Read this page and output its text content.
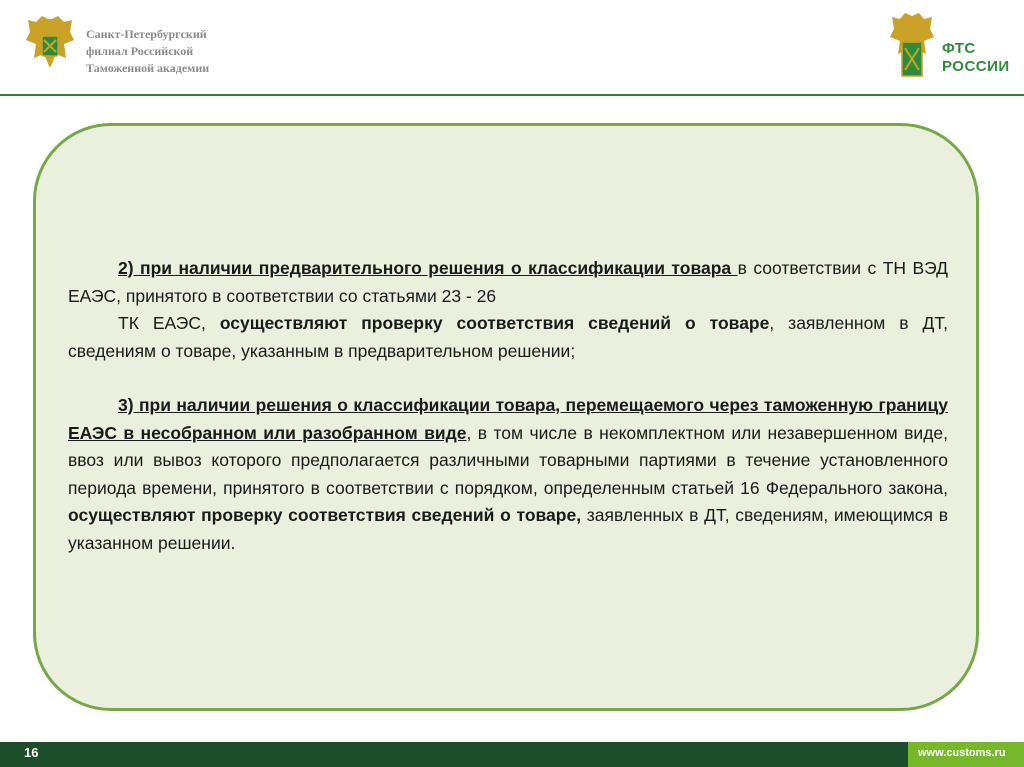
Санкт-Петербургский
филиал Российской
Таможенной академии
ФТС
РОССИИ

2) при наличии предварительного решения о классификации товара в соответствии с ТН ВЭД ЕАЭС, принятого в соответствии со статьями 23 - 26

ТК ЕАЭС, осуществляют проверку соответствия сведений о товаре, заявленном в ДТ, сведениям о товаре, указанным в предварительном решении;

3) при наличии решения о классификации товара, перемещаемого через таможенную границу ЕАЭС в несобранном или разобранном виде, в том числе в некомплектном или незавершенном виде, ввоз или вывоз которого предполагается различными товарными партиями в течение установленного периода времени, принятого в соответствии с порядком, определенным статьей 16 Федерального закона, осуществляют проверку соответствия сведений о товаре, заявленных в ДТ, сведениям, имеющимся в указанном решении.

16	www.customs.ru
